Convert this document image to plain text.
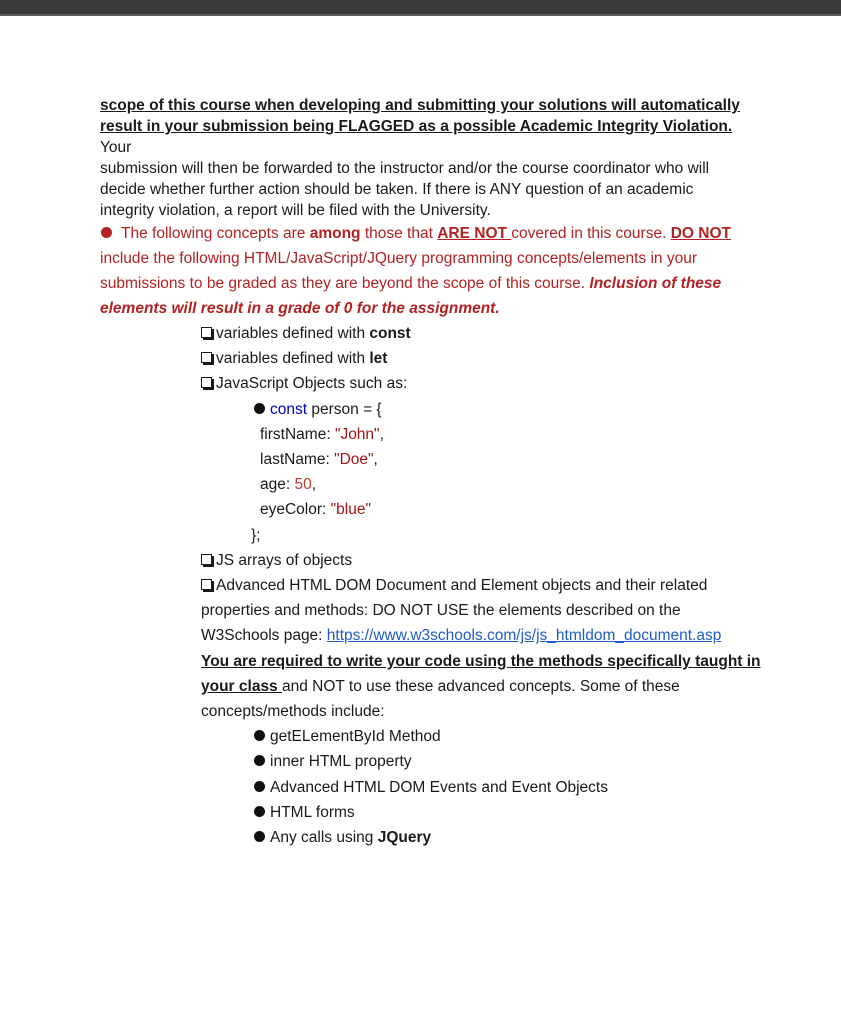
scope of this course when developing and submitting your solutions will automatically
result in your submission being FLAGGED as a possible Academic Integrity Violation. Your
submission will then be forwarded to the instructor and/or the course coordinator who will
decide whether further action should be taken. If there is ANY question of an academic
integrity violation, a report will be filed with the University.
The following concepts are among those that ARE NOT covered in this course. DO NOT include the following HTML/JavaScript/JQuery programming concepts/elements in your submissions to be graded as they are beyond the scope of this course. Inclusion of these elements will result in a grade of 0 for the assignment.
variables defined with const
variables defined with let
JavaScript Objects such as:
const person = {
firstName: "John",
lastName: "Doe",
age: 50,
eyeColor: "blue"
};
JS arrays of objects
Advanced HTML DOM Document and Element objects and their related
properties and methods: DO NOT USE the elements described on the
W3Schools page: https://www.w3schools.com/js/js_htmldom_document.asp
You are required to write your code using the methods specifically taught in
your class and NOT to use these advanced concepts. Some of these
concepts/methods include:
getELementById Method
inner HTML property
Advanced HTML DOM Events and Event Objects
HTML forms
Any calls using JQuery
